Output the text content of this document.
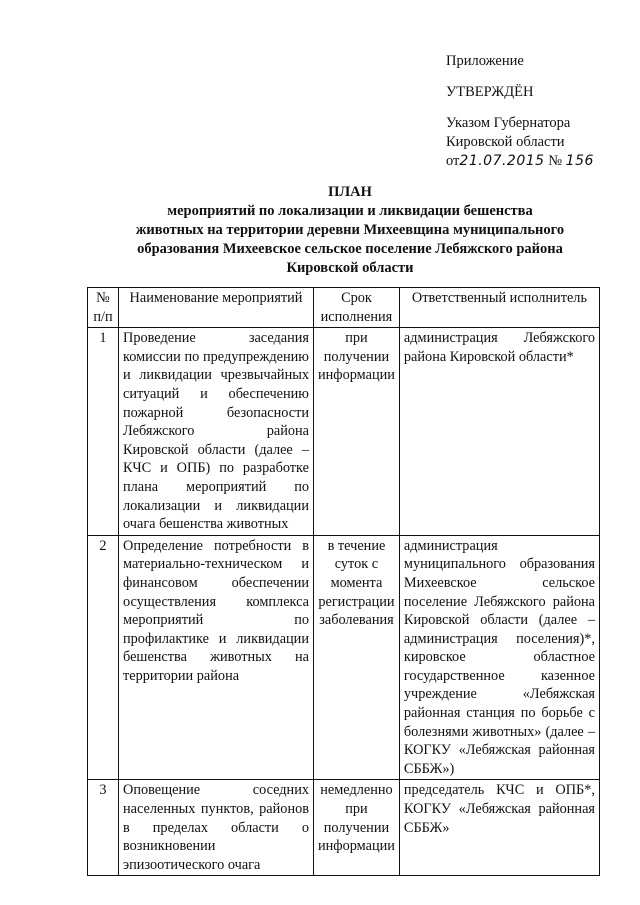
Приложение
УТВЕРЖДЁН
Указом Губернатора
Кировской области
от21.07.2015 № 156
ПЛАН
мероприятий по локализации и ликвидации бешенства
животных на территории деревни Михеевщина муниципального
образования Михеевское сельское поселение Лебяжского района
Кировской области
№ п/п	Наименование мероприятий	Срок исполнения	Ответственный исполнитель
1	Проведение заседания комиссии по предупреждению и ликвидации чрезвычайных ситуаций и обеспечению пожарной безопасности Лебяжского района Кировской области (далее – КЧС и ОПБ) по разработке плана мероприятий по локализации и ликвидации очага бешенства животных	при получении информации	администрация Лебяжского района Кировской области*
2	Определение потребности в материально-техническом и финансовом обеспечении осуществления комплекса мероприятий по профилактике и ликвидации бешенства животных на территории района	в течение суток с момента регистрации заболевания	администрация муниципального образования Михеевское сельское поселение Лебяжского района Кировской области (далее – администрация поселения)*, кировское областное государственное казенное учреждение «Лебяжская районная станция по борьбе с болезнями животных» (далее – КОГКУ «Лебяжская районная СББЖ»)
3	Оповещение соседних населенных пунктов, районов в пределах области о возникновении эпизоотического очага	немедленно при получении информации	председатель КЧС и ОПБ*, КОГКУ «Лебяжская районная СББЖ»
